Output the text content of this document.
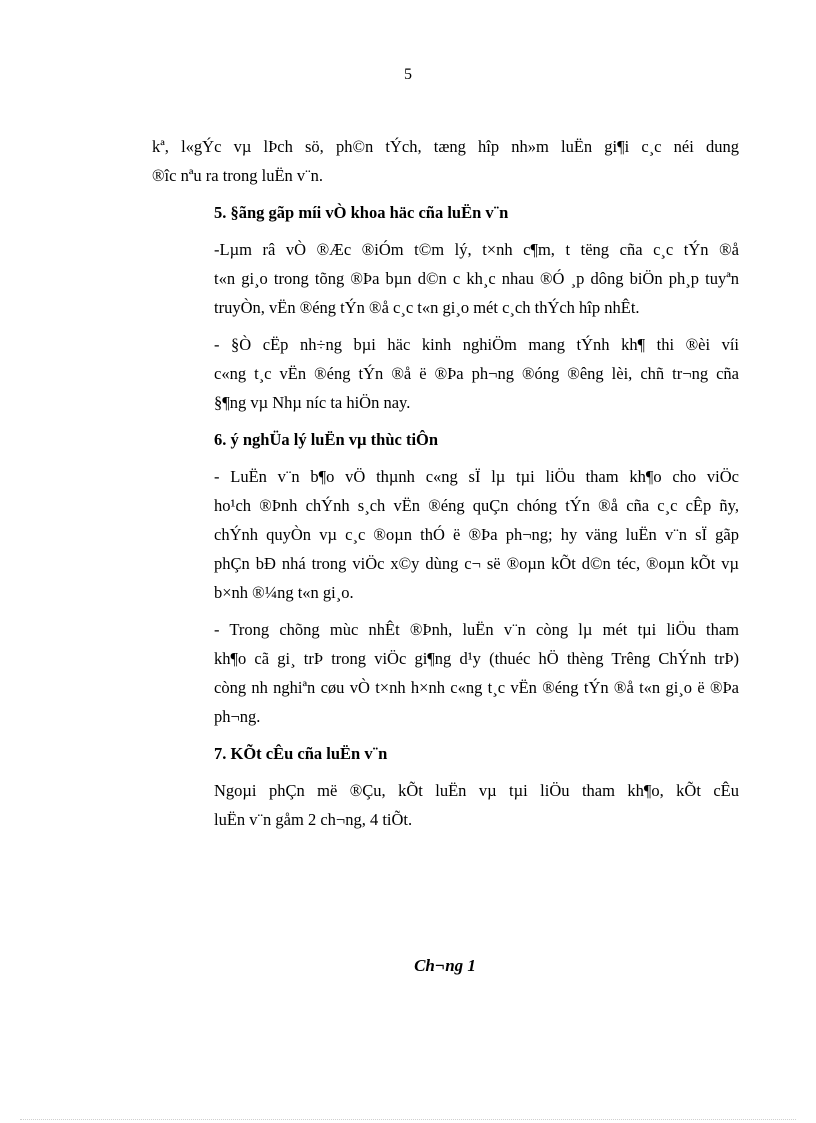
5
kª, l«gÝc vµ lÞch sö, ph©n tÝch, tæng hîp nh»m luËn gi¶i c¸c néi dung
®îc nªu ra trong luËn v¨n.
5. §ãng gãp míi vÒ khoa häc cña luËn v¨n
-Lµm râ vÒ ®Æc ®iÓm t©m lý, t×nh c¶m, t tëng cña c¸c tÝn ®å
t«n gi¸o trong tõng ®Þa bµn d©n c kh¸c nhau ®Ó ¸p dông biÖn ph¸p tuyªn
truyÒn, vËn ®éng tÝn ®å c¸c t«n gi¸o mét c¸ch thÝch hîp nhÊt.
- §Ò cËp nh÷ng bµi häc kinh nghiÖm mang tÝnh kh¶ thi ®èi víi
c«ng t¸c vËn ®éng tÝn ®å ë ®Þa ph¬ng ®óng ®êng lèi, chñ tr¬ng cña
§¶ng vµ Nhµ níc ta hiÖn nay.
6. ý nghÜa lý luËn vµ thùc tiÔn
- LuËn v¨n b¶o vÖ thµnh c«ng sÏ lµ tµi liÖu tham kh¶o cho viÖc
ho¹ch ®Þnh chÝnh s¸ch vËn ®éng quÇn chóng tÝn ®å cña c¸c cÊp ñy,
chÝnh quyÒn vµ c¸c ®oµn thÓ ë ®Þa ph¬ng; hy väng luËn v¨n sÏ gãp
phÇn bÐ nhá trong viÖc x©y dùng c¬ së ®oµn kÕt d©n téc, ®oµn kÕt vµ
b×nh ®¼ng t«n gi¸o.
- Trong chõng mùc nhÊt ®Þnh, luËn v¨n còng lµ mét tµi liÖu tham
kh¶o cã gi¸ trÞ trong viÖc gi¶ng d¹y (thuéc hÖ thèng Trêng ChÝnh trÞ)
còng nh nghiªn cøu vÒ t×nh h×nh c«ng t¸c vËn ®éng tÝn ®å t«n gi¸o ë ®Þa
ph¬ng.
7. KÕt cÊu cña luËn v¨n
Ngoµi phÇn më ®Çu, kÕt luËn vµ tµi liÖu tham kh¶o, kÕt cÊu
luËn v¨n gåm 2 ch¬ng, 4 tiÕt.
Ch¬ng 1
